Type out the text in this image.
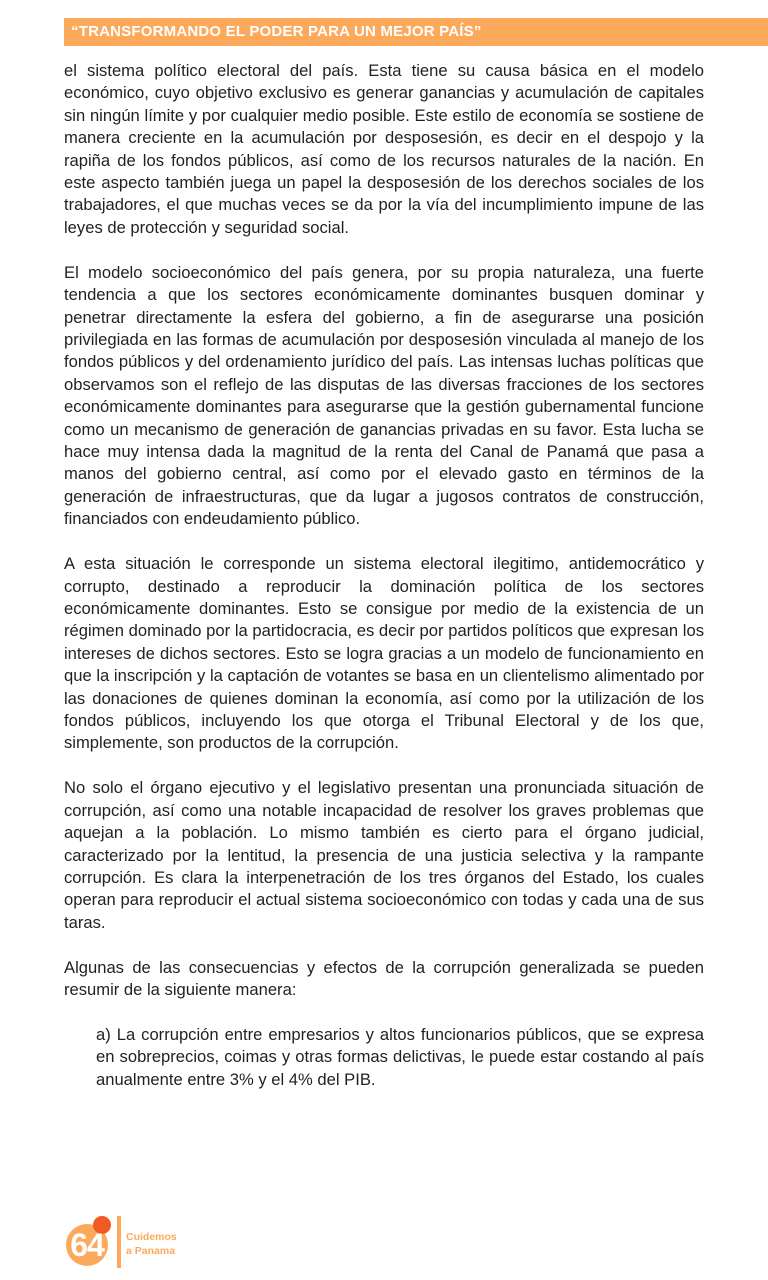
“TRANSFORMANDO EL PODER PARA UN MEJOR PAÍS”

el sistema político electoral del país. Esta tiene su causa básica en el modelo económico, cuyo objetivo exclusivo es generar ganancias y acumulación de capitales sin ningún límite y por cualquier medio posible. Este estilo de economía se sostiene de manera creciente en la acumulación por desposesión, es decir en el despojo y la rapiña de los fondos públicos, así como de los recursos naturales de la nación. En este aspecto también juega un papel la desposesión de los derechos sociales de los trabajadores, el que muchas veces se da por la vía del incumplimiento impune de las leyes de protección y seguridad social.

El modelo socioeconómico del país genera, por su propia naturaleza, una fuerte tendencia a que los sectores económicamente dominantes busquen dominar y penetrar directamente la esfera del gobierno, a fin de asegurarse una posición privilegiada en las formas de acumulación por desposesión vinculada al manejo de los fondos públicos y del ordenamiento jurídico del país. Las intensas luchas políticas que observamos son el reflejo de las disputas de las diversas fracciones de los sectores económicamente dominantes para asegurarse que la gestión gubernamental funcione como un mecanismo de generación de ganancias privadas en su favor. Esta lucha se hace muy intensa dada la magnitud de la renta del Canal de Panamá que pasa a manos del gobierno central, así como por el elevado gasto en términos de la generación de infraestructuras, que da lugar a jugosos contratos de construcción, financiados con endeudamiento público.

A esta situación le corresponde un sistema electoral ilegitimo, antidemocrático y corrupto, destinado a reproducir la dominación política de los sectores económicamente dominantes. Esto se consigue por medio de la existencia de un régimen dominado por la partidocracia, es decir por partidos políticos que expresan los intereses de dichos sectores. Esto se logra gracias a un modelo de funcionamiento en que la inscripción y la captación de votantes se basa en un clientelismo alimentado por las donaciones de quienes dominan la economía, así como por la utilización de los fondos públicos, incluyendo los que otorga el Tribunal Electoral y de los que, simplemente, son productos de la corrupción.

No solo el órgano ejecutivo y el legislativo presentan una pronunciada situación de corrupción, así como una notable incapacidad de resolver los graves problemas que aquejan a la población. Lo mismo también es cierto para el órgano judicial, caracterizado por la lentitud, la presencia de una justicia selectiva y la rampante corrupción. Es clara la interpenetración de los tres órganos del Estado, los cuales operan para reproducir el actual sistema socioeconómico con todas y cada una de sus taras.

Algunas de las consecuencias y efectos de la corrupción generalizada se pueden resumir de la siguiente manera:

a) La corrupción entre empresarios y altos funcionarios públicos, que se expresa en sobreprecios, coimas y otras formas delictivas, le puede estar costando al país anualmente entre 3% y el 4% del PIB.

64	Cuidemos
a Panama
